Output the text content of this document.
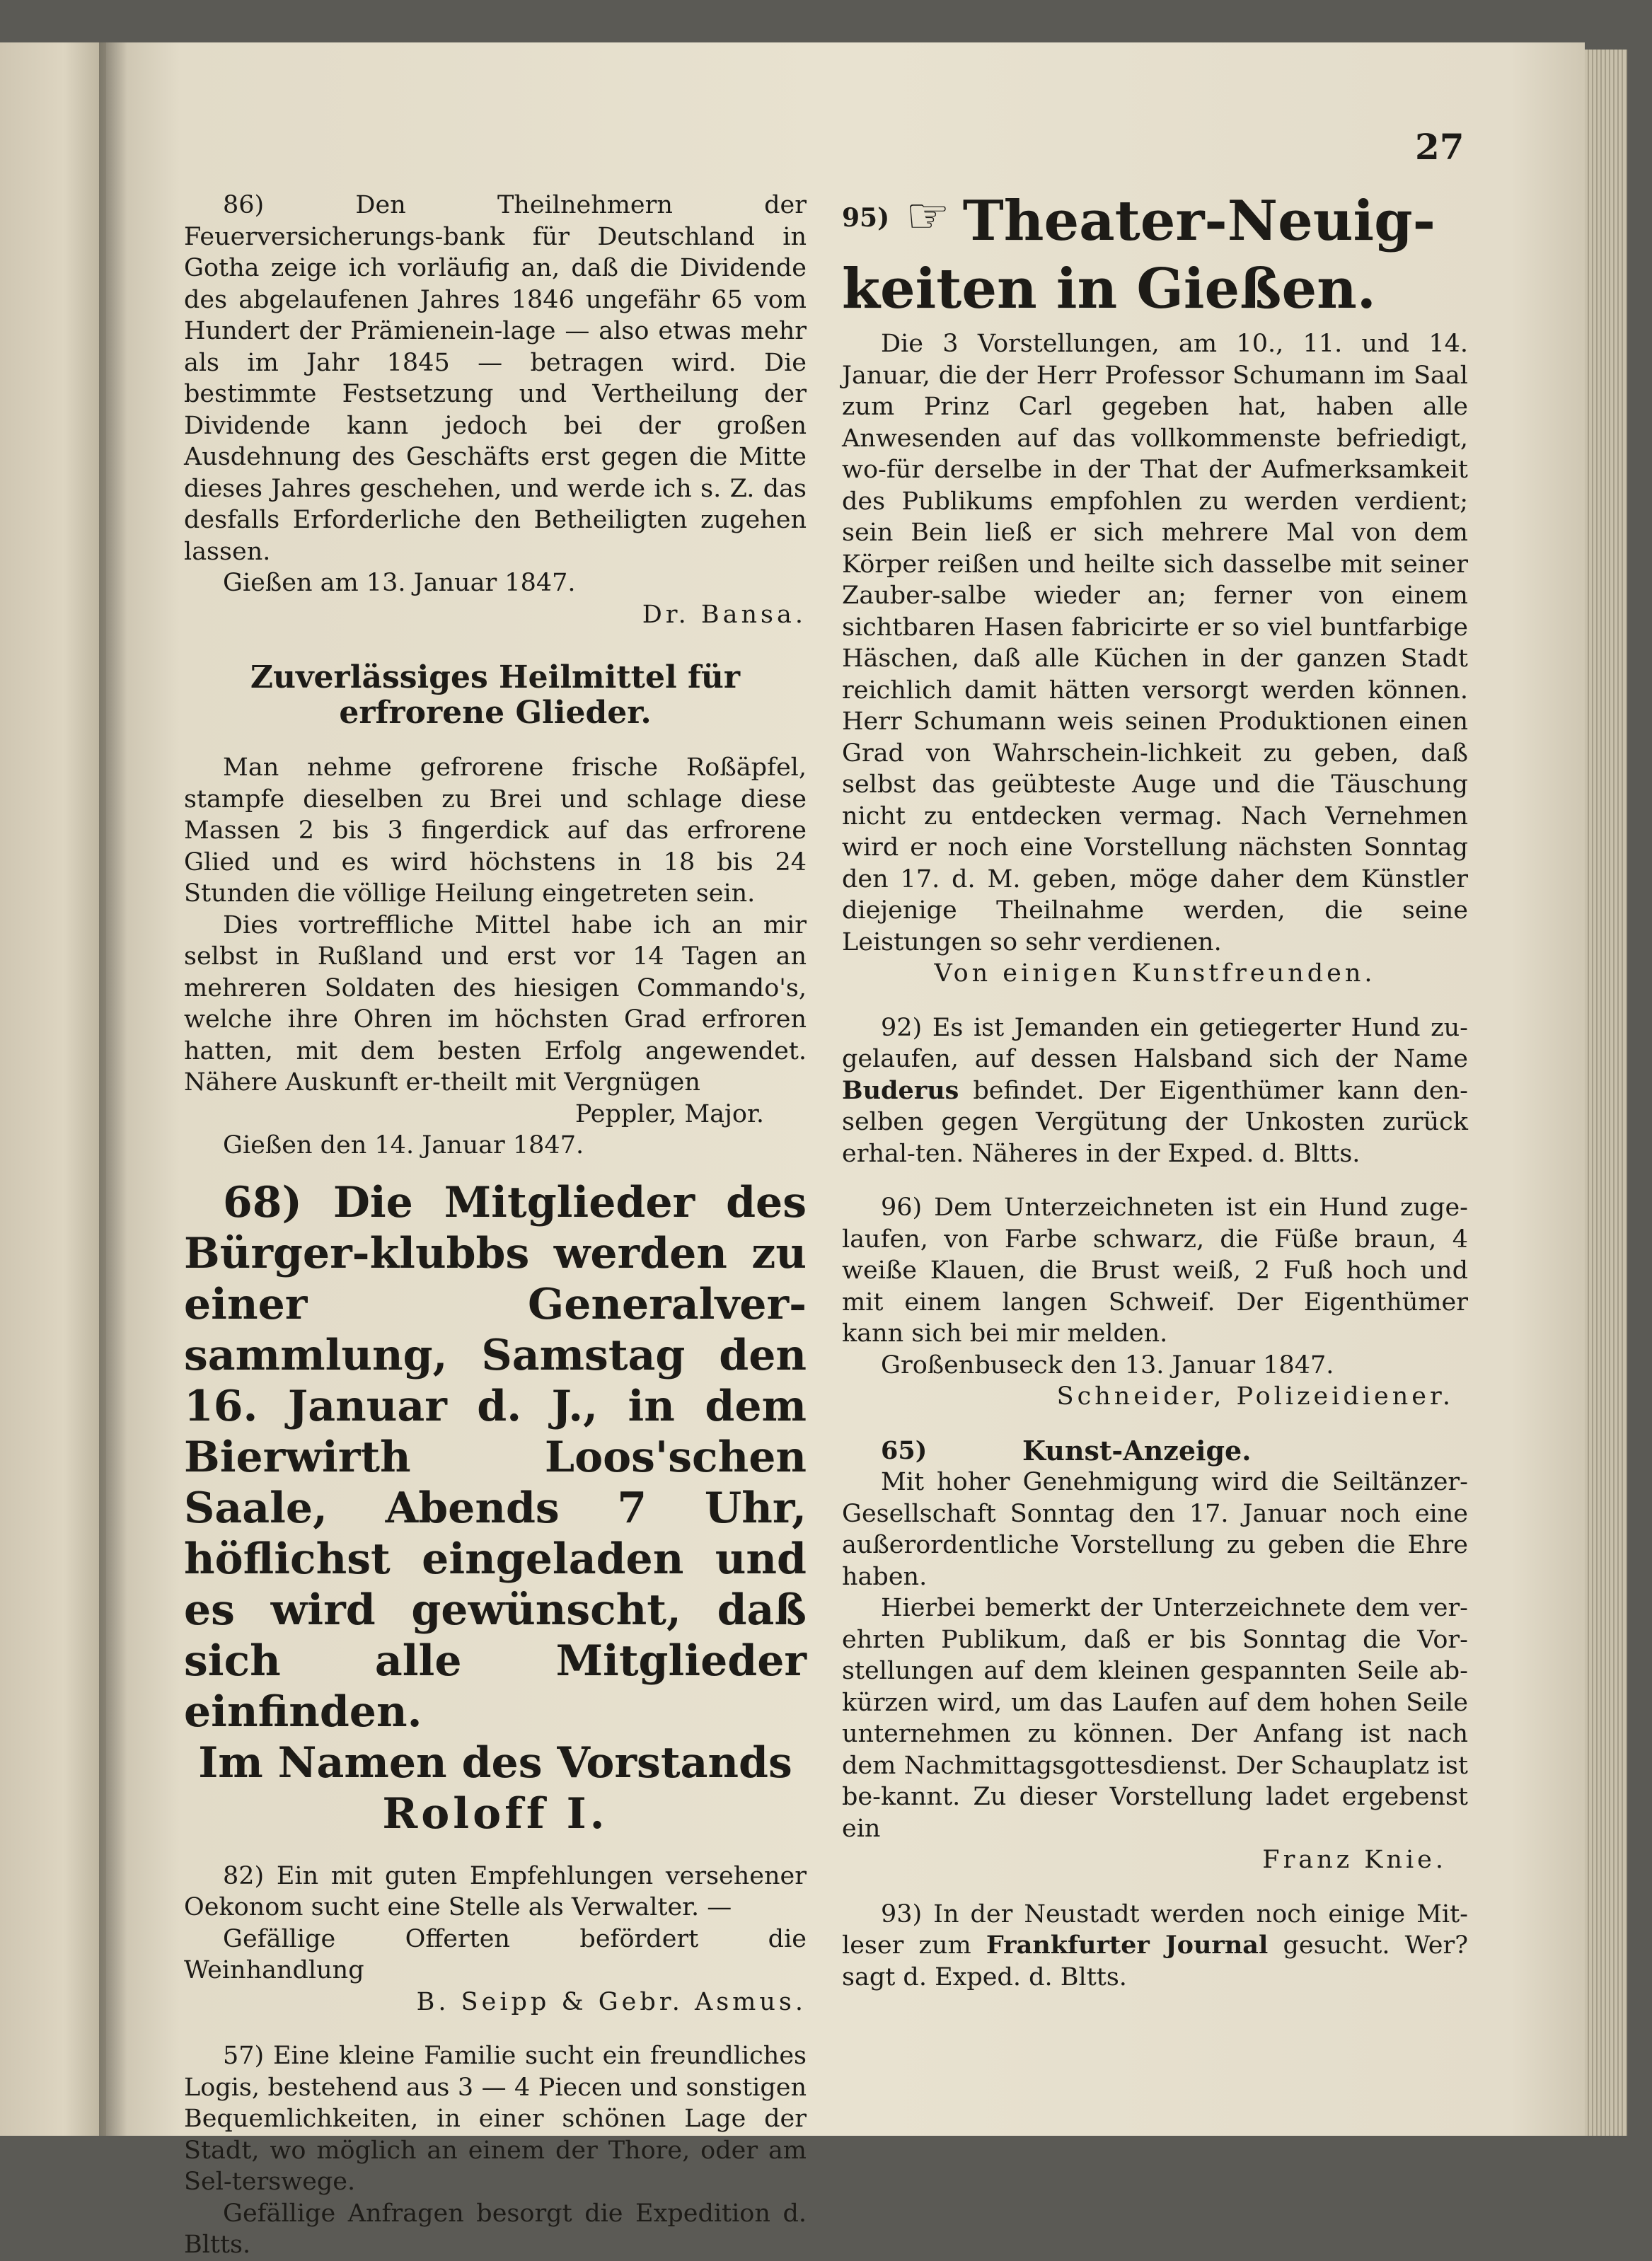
27

86) Den Theilnehmern der Feuerversicherungs-bank für Deutschland in Gotha zeige ich vorläufig an, daß die Dividende des abgelaufenen Jahres 1846 ungefähr 65 vom Hundert der Prämienein-lage — also etwas mehr als im Jahr 1845 — betragen wird. Die bestimmte Festsetzung und Vertheilung der Dividende kann jedoch bei der großen Ausdehnung des Geschäfts erst gegen die Mitte dieses Jahres geschehen, und werde ich s. Z. das desfalls Erforderliche den Betheiligten zugehen lassen.

Gießen am 13. Januar 1847.

Dr. Bansa.

Zuverlässiges Heilmittel für erfrorene Glieder.

Man nehme gefrorene frische Roßäpfel, stampfe dieselben zu Brei und schlage diese Massen 2 bis 3 fingerdick auf das erfrorene Glied und es wird höchstens in 18 bis 24 Stunden die völlige Heilung eingetreten sein.

Dies vortreffliche Mittel habe ich an mir selbst in Rußland und erst vor 14 Tagen an mehreren Soldaten des hiesigen Commando's, welche ihre Ohren im höchsten Grad erfroren hatten, mit dem besten Erfolg angewendet. Nähere Auskunft er-theilt mit Vergnügen

Peppler, Major.

Gießen den 14. Januar 1847.

68) Die Mitglieder des Bürger-klubbs werden zu einer Generalver-sammlung, Samstag den 16. Januar d. J., in dem Bierwirth Loos'schen Saale, Abends 7 Uhr, höflichst eingeladen und es wird gewünscht, daß sich alle Mitglieder einfinden.

Im Namen des Vorstands

Roloff I.

82) Ein mit guten Empfehlungen versehener Oekonom sucht eine Stelle als Verwalter. —

Gefällige Offerten befördert die Weinhandlung

B. Seipp & Gebr. Asmus.

57) Eine kleine Familie sucht ein freundliches Logis, bestehend aus 3 — 4 Piecen und sonstigen Bequemlichkeiten, in einer schönen Lage der Stadt, wo möglich an einem der Thore, oder am Sel-terswege.

Gefällige Anfragen besorgt die Expedition d. Bltts.

95) ☞ Theater-Neuig-
keiten in Gießen.

Die 3 Vorstellungen, am 10., 11. und 14. Januar, die der Herr Professor Schumann im Saal zum Prinz Carl gegeben hat, haben alle Anwesenden auf das vollkommenste befriedigt, wo-für derselbe in der That der Aufmerksamkeit des Publikums empfohlen zu werden verdient; sein Bein ließ er sich mehrere Mal von dem Körper reißen und heilte sich dasselbe mit seiner Zauber-salbe wieder an; ferner von einem sichtbaren Hasen fabricirte er so viel buntfarbige Häschen, daß alle Küchen in der ganzen Stadt reichlich damit hätten versorgt werden können. Herr Schumann weis seinen Produktionen einen Grad von Wahrschein-lichkeit zu geben, daß selbst das geübteste Auge und die Täuschung nicht zu entdecken vermag. Nach Vernehmen wird er noch eine Vorstellung nächsten Sonntag den 17. d. M. geben, möge daher dem Künstler diejenige Theilnahme werden, die seine Leistungen so sehr verdienen.

Von einigen Kunstfreunden.

92) Es ist Jemanden ein getiegerter Hund zu-gelaufen, auf dessen Halsband sich der Name Buderus befindet. Der Eigenthümer kann den-selben gegen Vergütung der Unkosten zurück erhal-ten. Näheres in der Exped. d. Bltts.

96) Dem Unterzeichneten ist ein Hund zuge-laufen, von Farbe schwarz, die Füße braun, 4 weiße Klauen, die Brust weiß, 2 Fuß hoch und mit einem langen Schweif. Der Eigenthümer kann sich bei mir melden.

Großenbuseck den 13. Januar 1847.

Schneider, Polizeidiener.

65)	Kunst-Anzeige.

Mit hoher Genehmigung wird die Seiltänzer-Gesellschaft Sonntag den 17. Januar noch eine außerordentliche Vorstellung zu geben die Ehre haben.

Hierbei bemerkt der Unterzeichnete dem ver-ehrten Publikum, daß er bis Sonntag die Vor-stellungen auf dem kleinen gespannten Seile ab-kürzen wird, um das Laufen auf dem hohen Seile unternehmen zu können. Der Anfang ist nach dem Nachmittagsgottesdienst. Der Schauplatz ist be-kannt. Zu dieser Vorstellung ladet ergebenst ein

Franz Knie.

93) In der Neustadt werden noch einige Mit-leser zum Frankfurter Journal gesucht. Wer? sagt d. Exped. d. Bltts.
